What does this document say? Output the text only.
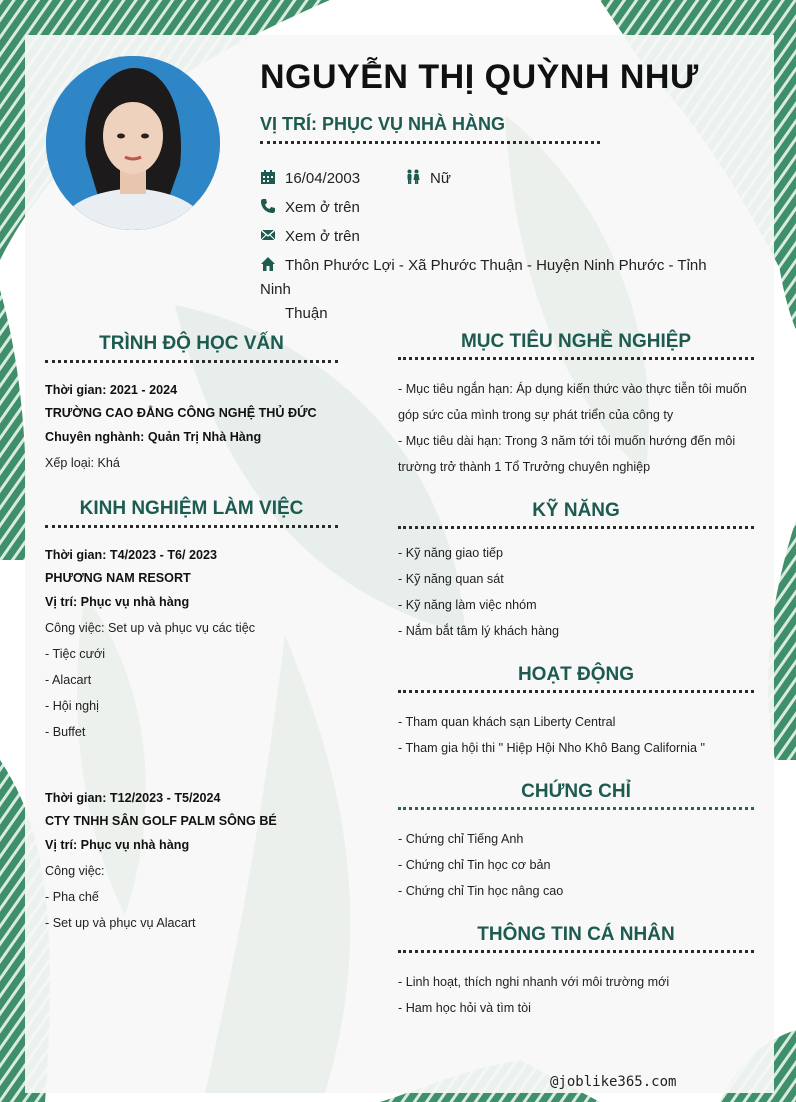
NGUYỄN THỊ QUỲNH NHƯ
VỊ TRÍ: PHỤC VỤ NHÀ HÀNG
16/04/2003	Nữ
Xem ở trên
Xem ở trên
Thôn Phước Lợi - Xã Phước Thuận - Huyện Ninh Phước - Tỉnh Ninh
Thuận
TRÌNH ĐỘ HỌC VẤN
Thời gian: 2021 - 2024
TRƯỜNG CAO ĐẲNG CÔNG NGHỆ THỦ ĐỨC
Chuyên nghành: Quản Trị Nhà Hàng
Xếp loại: Khá
KINH NGHIỆM LÀM VIỆC
Thời gian: T4/2023 - T6/ 2023
PHƯƠNG NAM RESORT
Vị trí: Phục vụ nhà hàng
Công việc: Set up và phục vụ các tiệc
- Tiệc cưới
- Alacart
- Hội nghị
- Buffet
Thời gian: T12/2023 - T5/2024
CTY TNHH SÂN GOLF PALM SÔNG BÉ
Vị trí: Phục vụ nhà hàng
Công việc:
- Pha chế
- Set up và phục vụ Alacart
MỤC TIÊU NGHỀ NGHIỆP
- Mục tiêu ngắn hạn: Áp dụng kiến thức vào thực tiễn tôi muốn góp sức của mình trong sự phát triển của công ty
- Mục tiêu dài hạn: Trong 3 năm tới tôi muốn hướng đến môi trường trở thành 1 Tổ Trưởng chuyên nghiệp
KỸ NĂNG
- Kỹ năng giao tiếp
- Kỹ năng quan sát
- Kỹ năng làm việc nhóm
- Nắm bắt tâm lý khách hàng
HOẠT ĐỘNG
- Tham quan khách sạn Liberty Central
- Tham gia hội thi " Hiệp Hội Nho Khô Bang California "
CHỨNG CHỈ
- Chứng chỉ Tiếng Anh
- Chứng chỉ Tin học cơ bản
- Chứng chỉ Tin học nâng cao
THÔNG TIN CÁ NHÂN
- Linh hoạt, thích nghi nhanh với môi trường mới
- Ham học hỏi và tìm tòi
@joblike365.com
